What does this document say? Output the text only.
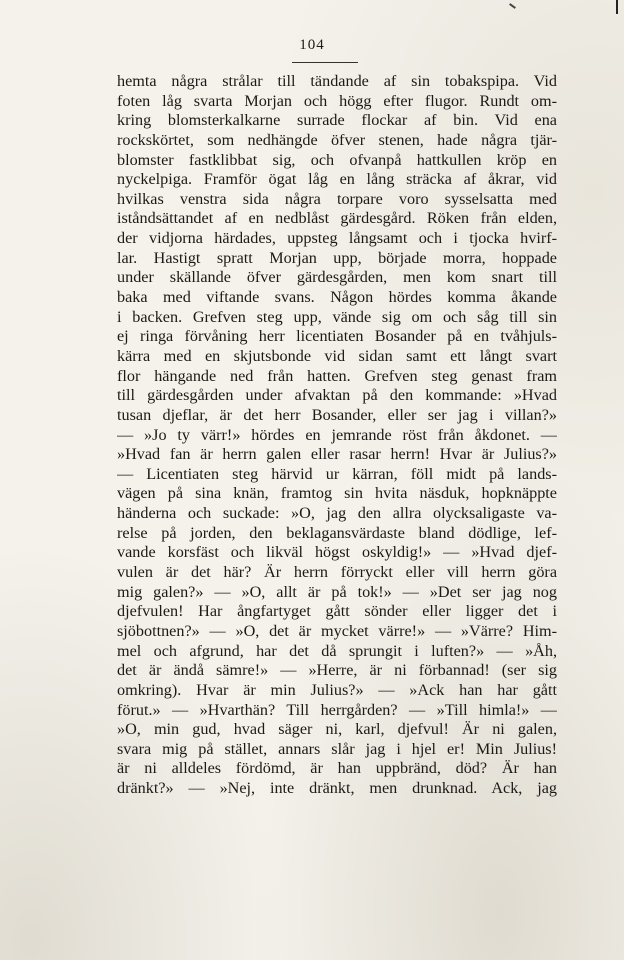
104
hemta några strålar till tändande af sin tobakspipa. Vid
foten låg svarta Morjan och högg efter flugor. Rundt om-
kring blomsterkalkarne surrade flockar af bin. Vid ena
rockskörtet, som nedhängde öfver stenen, hade några tjär-
blomster fastklibbat sig, och ofvanpå hattkullen kröp en
nyckelpiga. Framför ögat låg en lång sträcka af åkrar, vid
hvilkas venstra sida några torpare voro sysselsatta med
iståndsättandet af en nedblåst gärdesgård. Röken från elden,
der vidjorna härdades, uppsteg långsamt och i tjocka hvirf-
lar. Hastigt spratt Morjan upp, började morra, hoppade
under skällande öfver gärdesgården, men kom snart till
baka med viftande svans. Någon hördes komma åkande
i backen. Grefven steg upp, vände sig om och såg till sin
ej ringa förvåning herr licentiaten Bosander på en tvåhjuls-
kärra med en skjutsbonde vid sidan samt ett långt svart
flor hängande ned från hatten. Grefven steg genast fram
till gärdesgården under afvaktan på den kommande: »Hvad
tusan djeflar, är det herr Bosander, eller ser jag i villan?»
— »Jo ty värr!» hördes en jemrande röst från åkdonet. —
»Hvad fan är herrn galen eller rasar herrn! Hvar är Julius?»
— Licentiaten steg härvid ur kärran, föll midt på lands-
vägen på sina knän, framtog sin hvita näsduk, hopknäppte
händerna och suckade: »O, jag den allra olycksaligaste va-
relse på jorden, den beklagansvärdaste bland dödlige, lef-
vande korsfäst och likväl högst oskyldig!» — »Hvad djef-
vulen är det här? Är herrn förryckt eller vill herrn göra
mig galen?» — »O, allt är på tok!» — »Det ser jag nog
djefvulen! Har ångfartyget gått sönder eller ligger det i
sjöbottnen?» — »O, det är mycket värre!» — »Värre? Him-
mel och afgrund, har det då sprungit i luften?» — »Åh,
det är ändå sämre!» — »Herre, är ni förbannad! (ser sig
omkring). Hvar är min Julius?» — »Ack han har gått
förut.» — »Hvarthän? Till herrgården? — »Till himla!» —
»O, min gud, hvad säger ni, karl, djefvul! Är ni galen,
svara mig på stället, annars slår jag i hjel er! Min Julius!
är ni alldeles fördömd, är han uppbränd, död? Är han
dränkt?» — »Nej, inte dränkt, men drunknad. Ack, jag
